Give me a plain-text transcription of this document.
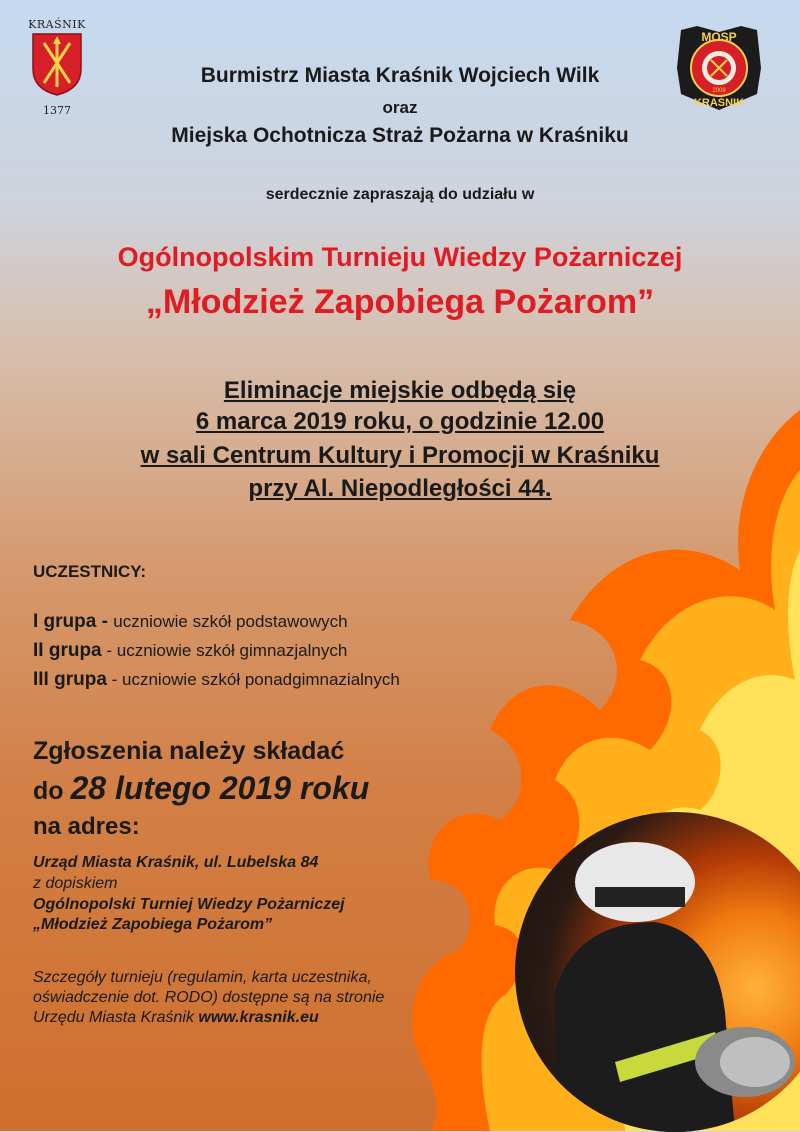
KRAŚNIK
1377
MOSP
2008
KRAŚNIK
Burmistrz Miasta Kraśnik Wojciech Wilk
oraz
Miejska Ochotnicza Straż Pożarna w Kraśniku
serdecznie zapraszają do udziału w
Ogólnopolskim Turnieju Wiedzy Pożarniczej
„Młodzież Zapobiega Pożarom”
Eliminacje miejskie odbędą się
6 marca 2019 roku, o godzinie 12.00
w sali Centrum Kultury i Promocji w Kraśniku
przy Al. Niepodległości 44.
UCZESTNICY:
I grupa - uczniowie szkół podstawowych
II grupa - uczniowie szkół gimnazjalnych
III grupa - uczniowie szkół ponadgimnazialnych
Zgłoszenia należy składać
do 28 lutego 2019 roku
na adres:
Urząd Miasta Kraśnik, ul. Lubelska 84
z dopiskiem
Ogólnopolski Turniej Wiedzy Pożarniczej „Młodzież Zapobiega Pożarom”
Szczegóły turnieju (regulamin, karta uczestnika, oświadczenie dot. RODO) dostępne są na stronie Urzędu Miasta Kraśnik www.krasnik.eu
